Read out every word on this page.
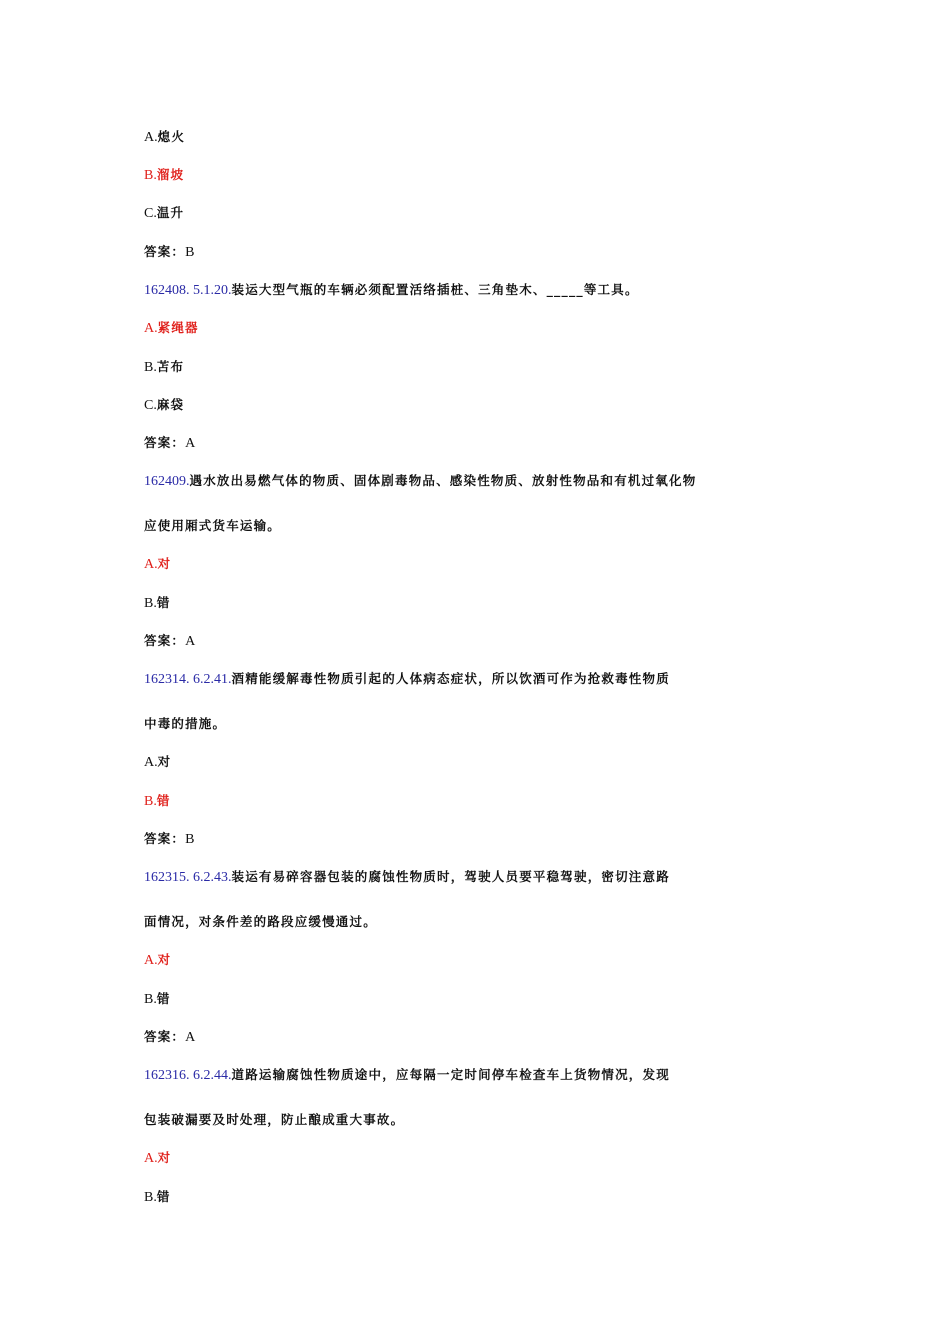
A.熄火

B.溜坡

C.温升

答案：B

162408. 5.1.20.装运大型气瓶的车辆必须配置活络插桩、三角垫木、_____等工具。

A.紧绳器

B.苫布

C.麻袋

答案：A

162409.遇水放出易燃气体的物质、固体剧毒物品、感染性物质、放射性物品和有机过氧化物

应使用厢式货车运输。

A.对

B.错

答案：A

162314. 6.2.41.酒精能缓解毒性物质引起的人体病态症状，所以饮酒可作为抢救毒性物质

中毒的措施。

A.对

B.错

答案：B

162315. 6.2.43.装运有易碎容器包装的腐蚀性物质时，驾驶人员要平稳驾驶，密切注意路

面情况，对条件差的路段应缓慢通过。

A.对

B.错

答案：A

162316. 6.2.44.道路运输腐蚀性物质途中，应每隔一定时间停车检查车上货物情况，发现

包装破漏要及时处理，防止酿成重大事故。

A.对

B.错
